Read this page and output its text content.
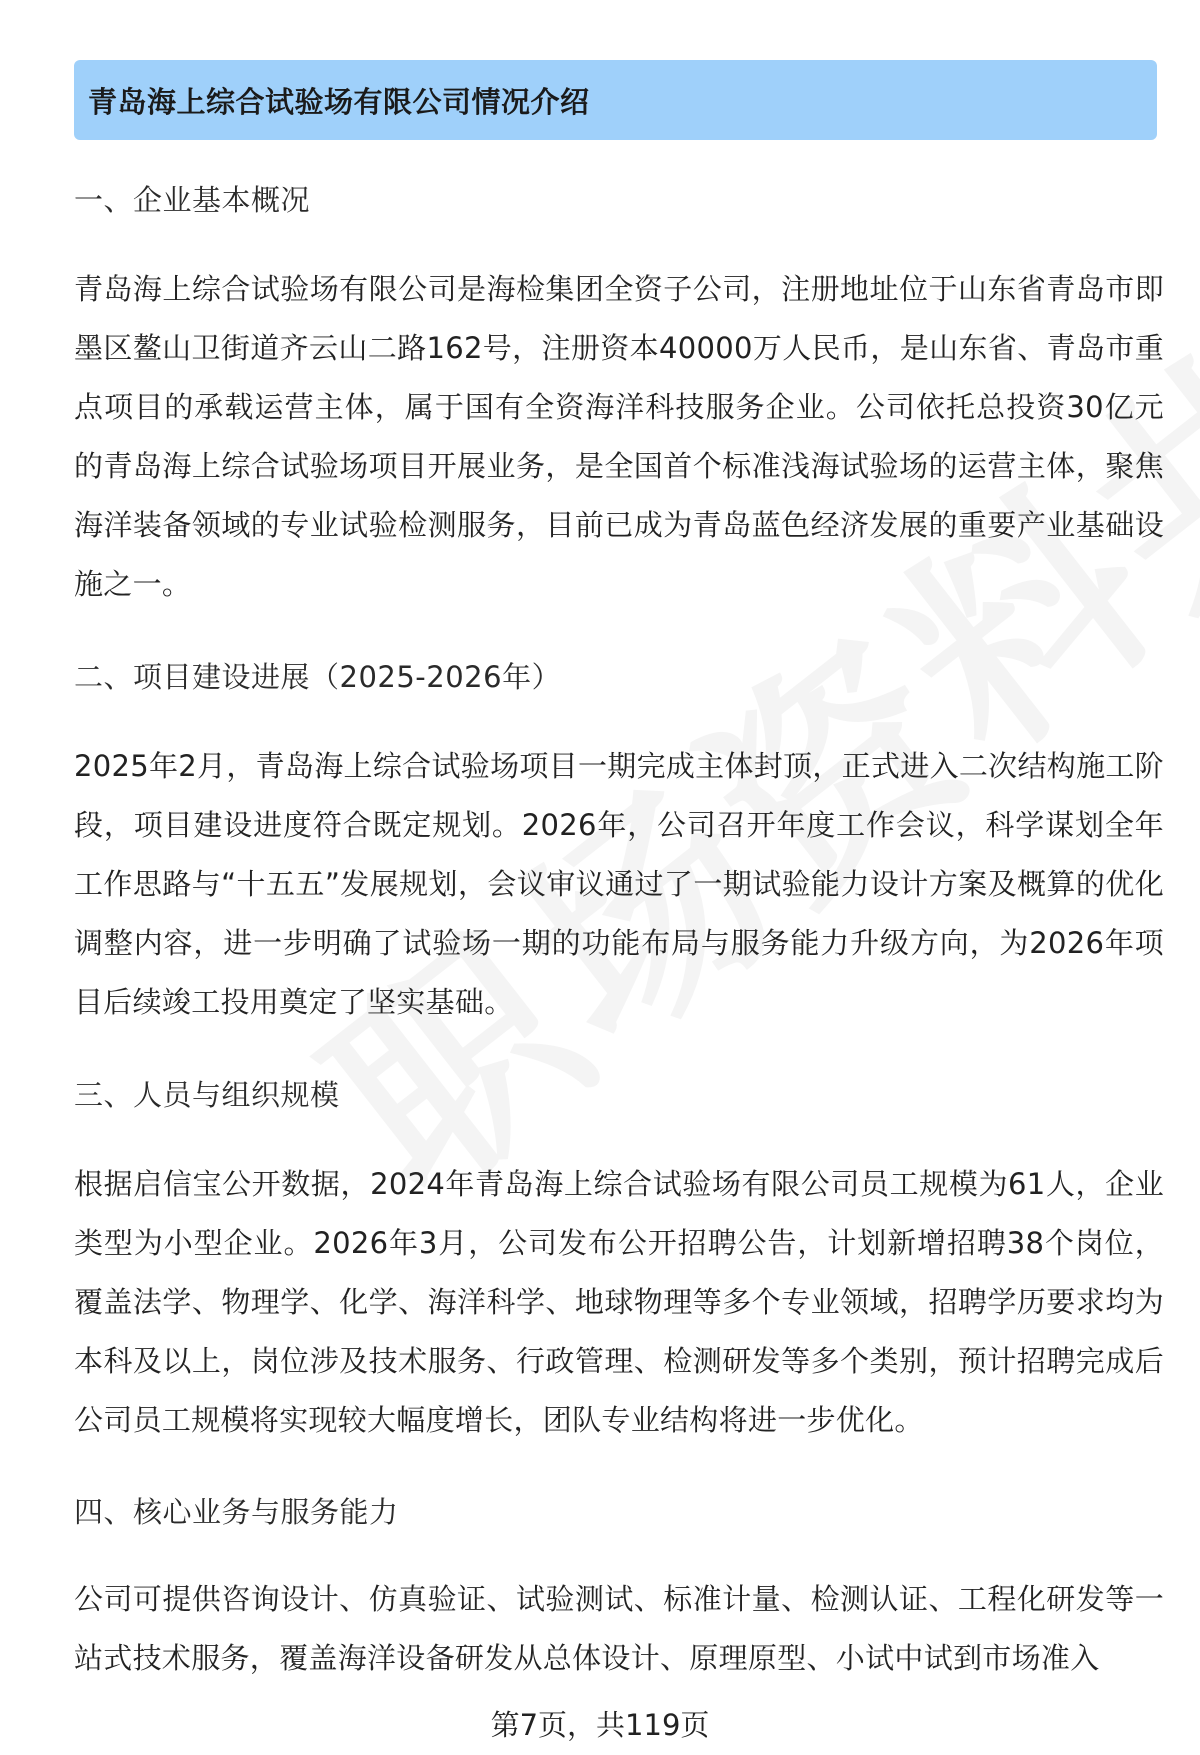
青岛海上综合试验场有限公司情况介绍
一、企业基本概况
青岛海上综合试验场有限公司是海检集团全资子公司，注册地址位于山东省青岛市即墨区鳌山卫街道齐云山二路162号，注册资本40000万人民币，是山东省、青岛市重点项目的承载运营主体，属于国有全资海洋科技服务企业。公司依托总投资30亿元的青岛海上综合试验场项目开展业务，是全国首个标准浅海试验场的运营主体，聚焦海洋装备领域的专业试验检测服务，目前已成为青岛蓝色经济发展的重要产业基础设施之一。
二、项目建设进展（2025-2026年）
2025年2月，青岛海上综合试验场项目一期完成主体封顶，正式进入二次结构施工阶段，项目建设进度符合既定规划。2026年，公司召开年度工作会议，科学谋划全年工作思路与“十五五”发展规划，会议审议通过了一期试验能力设计方案及概算的优化调整内容，进一步明确了试验场一期的功能布局与服务能力升级方向，为2026年项目后续竣工投用奠定了坚实基础。
三、人员与组织规模
根据启信宝公开数据，2024年青岛海上综合试验场有限公司员工规模为61人，企业类型为小型企业。2026年3月，公司发布公开招聘公告，计划新增招聘38个岗位，覆盖法学、物理学、化学、海洋科学、地球物理等多个专业领域，招聘学历要求均为本科及以上，岗位涉及技术服务、行政管理、检测研发等多个类别，预计招聘完成后公司员工规模将实现较大幅度增长，团队专业结构将进一步优化。
四、核心业务与服务能力
公司可提供咨询设计、仿真验证、试验测试、标准计量、检测认证、工程化研发等一站式技术服务，覆盖海洋设备研发从总体设计、原理原型、小试中试到市场准入
第7页，共119页
